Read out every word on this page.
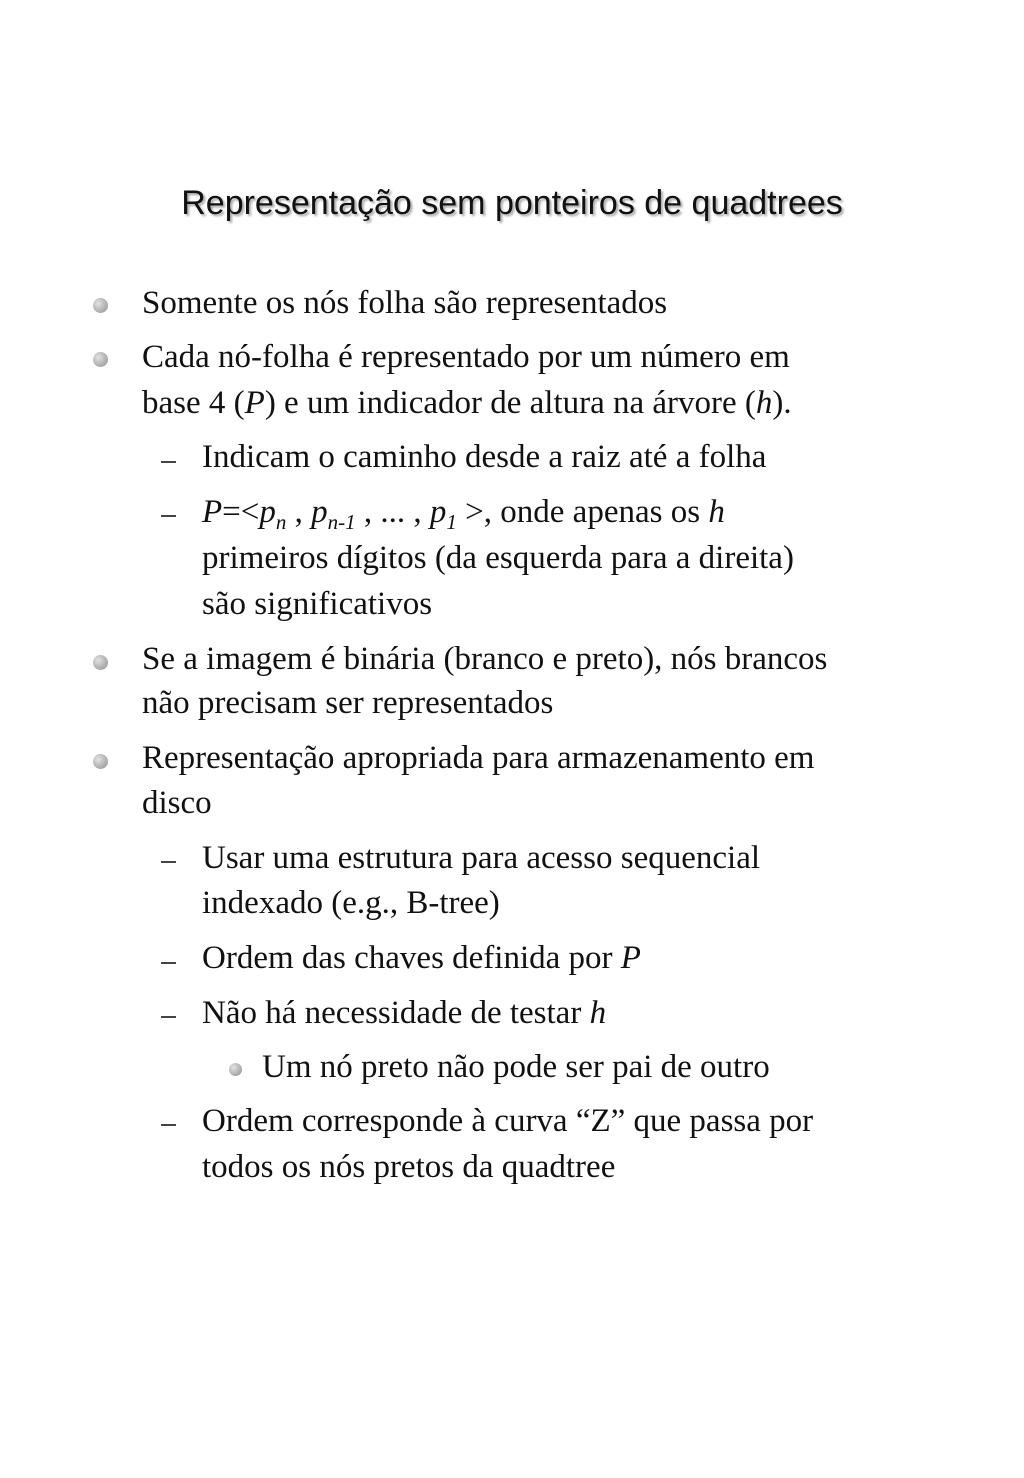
Representação sem ponteiros de quadtrees
Somente os nós folha são representados
Cada nó-folha é representado por um número em
base 4 (P) e um indicador de altura na árvore (h).
Indicam o caminho desde a raiz até a folha
$P=<p_n$ , $p_{n-1}$ , ... , $p_1$ >, onde apenas os h
primeiros dígitos (da esquerda para a direita)
são significativos
Se a imagem é binária (branco e preto), nós brancos
não precisam ser representados
Representação apropriada para armazenamento em
disco
Usar uma estrutura para acesso sequencial
indexado (e.g., B-tree)
Ordem das chaves definida por P
Não há necessidade de testar h
Um nó preto não pode ser pai de outro
Ordem corresponde à curva “Z” que passa por
todos os nós pretos da quadtree
